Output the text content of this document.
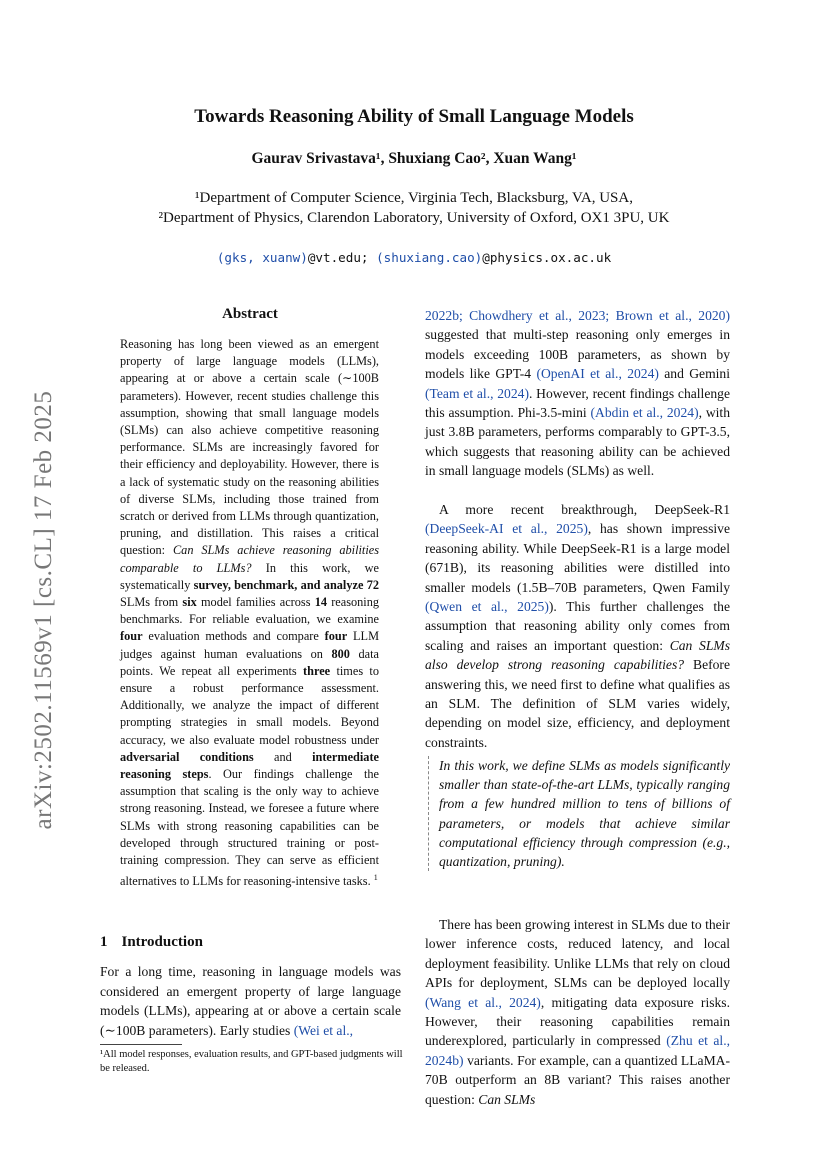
arXiv:2502.11569v1 [cs.CL] 17 Feb 2025
Towards Reasoning Ability of Small Language Models
Gaurav Srivastava¹, Shuxiang Cao², Xuan Wang¹
¹Department of Computer Science, Virginia Tech, Blacksburg, VA, USA,
²Department of Physics, Clarendon Laboratory, University of Oxford, OX1 3PU, UK
(gks, xuanw)@vt.edu; (shuxiang.cao)@physics.ox.ac.uk
Abstract
Reasoning has long been viewed as an emergent property of large language models (LLMs), appearing at or above a certain scale (∼100B parameters). However, recent studies challenge this assumption, showing that small language models (SLMs) can also achieve competitive reasoning performance. SLMs are increasingly favored for their efficiency and deployability. However, there is a lack of systematic study on the reasoning abilities of diverse SLMs, including those trained from scratch or derived from LLMs through quantization, pruning, and distillation. This raises a critical question: Can SLMs achieve reasoning abilities comparable to LLMs? In this work, we systematically survey, benchmark, and analyze 72 SLMs from six model families across 14 reasoning benchmarks. For reliable evaluation, we examine four evaluation methods and compare four LLM judges against human evaluations on 800 data points. We repeat all experiments three times to ensure a robust performance assessment. Additionally, we analyze the impact of different prompting strategies in small models. Beyond accuracy, we also evaluate model robustness under adversarial conditions and intermediate reasoning steps. Our findings challenge the assumption that scaling is the only way to achieve strong reasoning. Instead, we foresee a future where SLMs with strong reasoning capabilities can be developed through structured training or post-training compression. They can serve as efficient alternatives to LLMs for reasoning-intensive tasks. $^1$
1 Introduction
For a long time, reasoning in language models was considered an emergent property of large language models (LLMs), appearing at or above a certain scale (∼100B parameters). Early studies (Wei et al.,
¹All model responses, evaluation results, and GPT-based judgments will be released.
2022b; Chowdhery et al., 2023; Brown et al., 2020) suggested that multi-step reasoning only emerges in models exceeding 100B parameters, as shown by models like GPT-4 (OpenAI et al., 2024) and Gemini (Team et al., 2024). However, recent findings challenge this assumption. Phi-3.5-mini (Abdin et al., 2024), with just 3.8B parameters, performs comparably to GPT-3.5, which suggests that reasoning ability can be achieved in small language models (SLMs) as well.
A more recent breakthrough, DeepSeek-R1 (DeepSeek-AI et al., 2025), has shown impressive reasoning ability. While DeepSeek-R1 is a large model (671B), its reasoning abilities were distilled into smaller models (1.5B–70B parameters, Qwen Family (Qwen et al., 2025)). This further challenges the assumption that reasoning ability only comes from scaling and raises an important question: Can SLMs also develop strong reasoning capabilities? Before answering this, we need first to define what qualifies as an SLM. The definition of SLM varies widely, depending on model size, efficiency, and deployment constraints.
In this work, we define SLMs as models significantly smaller than state-of-the-art LLMs, typically ranging from a few hundred million to tens of billions of parameters, or models that achieve similar computational efficiency through compression (e.g., quantization, pruning).
There has been growing interest in SLMs due to their lower inference costs, reduced latency, and local deployment feasibility. Unlike LLMs that rely on cloud APIs for deployment, SLMs can be deployed locally (Wang et al., 2024), mitigating data exposure risks. However, their reasoning capabilities remain underexplored, particularly in compressed (Zhu et al., 2024b) variants. For example, can a quantized LLaMA-70B outperform an 8B variant? This raises another question: Can SLMs
